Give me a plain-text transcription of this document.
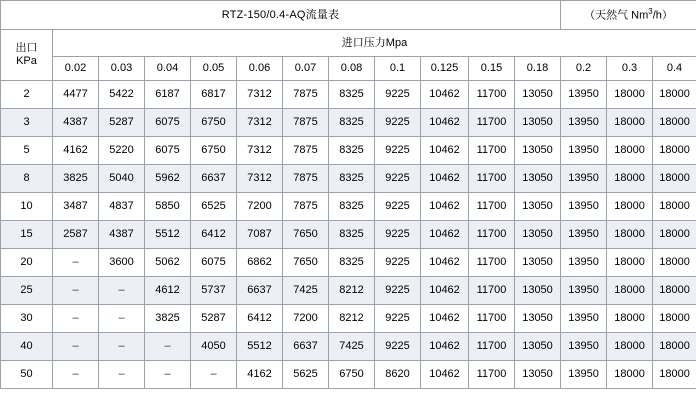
RTZ-150/0.4-AQ流量表												（天然气 Nm$^3$/h）		

出口
KPa	进口压力Mpa													
	0.02	0.03	0.04	0.05	0.06	0.07	0.08	0.1	0.125	0.15	0.18	0.2	0.3	0.4
2	4477	5422	6187	6817	7312	7875	8325	9225	10462	11700	13050	13950	18000	18000
3	4387	5287	6075	6750	7312	7875	8325	9225	10462	11700	13050	13950	18000	18000
5	4162	5220	6075	6750	7312	7875	8325	9225	10462	11700	13050	13950	18000	18000
8	3825	5040	5962	6637	7312	7875	8325	9225	10462	11700	13050	13950	18000	18000
10	3487	4837	5850	6525	7200	7875	8325	9225	10462	11700	13050	13950	18000	18000
15	2587	4387	5512	6412	7087	7650	8325	9225	10462	11700	13050	13950	18000	18000
20	–	3600	5062	6075	6862	7650	8325	9225	10462	11700	13050	13950	18000	18000
25	–	–	4612	5737	6637	7425	8212	9225	10462	11700	13050	13950	18000	18000
30	–	–	3825	5287	6412	7200	8212	9225	10462	11700	13050	13950	18000	18000
40	–	–	–	4050	5512	6637	7425	9225	10462	11700	13050	13950	18000	18000
50	–	–	–	–	4162	5625	6750	8620	10462	11700	13050	13950	18000	18000
